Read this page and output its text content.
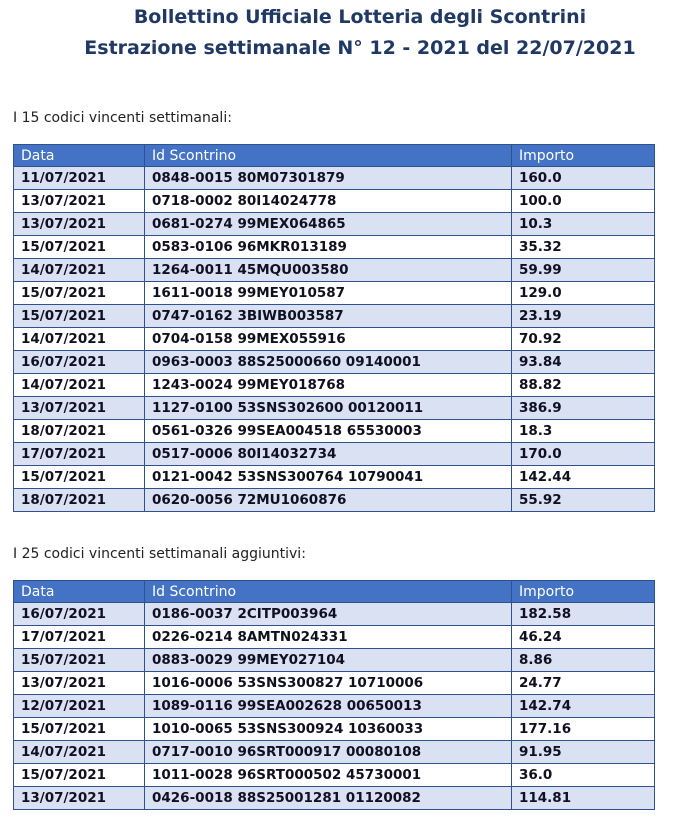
Bollettino Ufficiale Lotteria degli Scontrini
Estrazione settimanale N° 12 - 2021 del 22/07/2021
I 15 codici vincenti settimanali:
Data	Id Scontrino	Importo
11/07/2021	0848-0015 80M07301879	160.0
13/07/2021	0718-0002 80I14024778	100.0
13/07/2021	0681-0274 99MEX064865	10.3
15/07/2021	0583-0106 96MKR013189	35.32
14/07/2021	1264-0011 45MQU003580	59.99
15/07/2021	1611-0018 99MEY010587	129.0
15/07/2021	0747-0162 3BIWB003587	23.19
14/07/2021	0704-0158 99MEX055916	70.92
16/07/2021	0963-0003 88S25000660 09140001	93.84
14/07/2021	1243-0024 99MEY018768	88.82
13/07/2021	1127-0100 53SNS302600 00120011	386.9
18/07/2021	0561-0326 99SEA004518 65530003	18.3
17/07/2021	0517-0006 80I14032734	170.0
15/07/2021	0121-0042 53SNS300764 10790041	142.44
18/07/2021	0620-0056 72MU1060876	55.92
I 25 codici vincenti settimanali aggiuntivi:
Data	Id Scontrino	Importo
16/07/2021	0186-0037 2CITP003964	182.58
17/07/2021	0226-0214 8AMTN024331	46.24
15/07/2021	0883-0029 99MEY027104	8.86
13/07/2021	1016-0006 53SNS300827 10710006	24.77
12/07/2021	1089-0116 99SEA002628 00650013	142.74
15/07/2021	1010-0065 53SNS300924 10360033	177.16
14/07/2021	0717-0010 96SRT000917 00080108	91.95
15/07/2021	1011-0028 96SRT000502 45730001	36.0
13/07/2021	0426-0018 88S25001281 01120082	114.81
